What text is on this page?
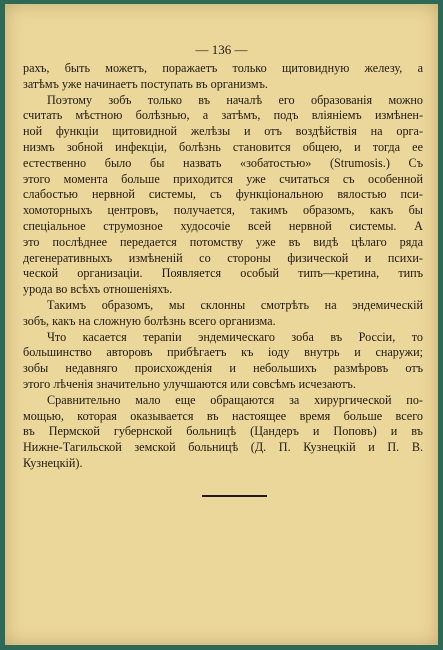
— 136 —
рахъ, быть можетъ, поражаетъ только щитовидную железу, а
затѣмъ уже начинаетъ поступать въ организмъ.
Поэтому зобъ только въ началѣ его образованія можно
считать мѣстною болѣзнью, а затѣмъ, подъ вліяніемъ измѣнен-
ной функціи щитовидной желѣзы и отъ воздѣйствія на орга-
низмъ зобной инфекціи, болѣзнь становится общею, и тогда ее
естественно было бы назвать «зобатостью» (Strumosis.) Съ
этого момента больше приходится уже считаться съ особенной
слабостью нервной системы, съ функціональною вялостью пси-
хомоторныхъ центровъ, получается, такимъ образомъ, какъ бы
спеціальное струмозное худосочіе всей нервной системы. А
это послѣднее передается потомству уже въ видѣ цѣлаго ряда
дегенеративныхъ измѣненій со стороны физической и психи-
ческой организаціи. Появляется особый типъ—кретина, типъ
урода во всѣхъ отношеніяхъ.
Такимъ образомъ, мы склонны смотрѣть на эндемическій
зобъ, какъ на сложную болѣзнь всего организма.
Что касается терапіи эндемическаго зоба въ Россіи, то
большинство авторовъ прибѣгаетъ къ іоду внутрь и снаружи;
зобы недавняго происхожденія и небольшихъ размѣровъ отъ
этого лѣченія значительно улучшаются или совсѣмъ исчезаютъ.
Сравнительно мало еще обращаются за хирургической по-
мощью, которая оказывается въ настоящее время больше всего
въ Пермской губернской больницѣ (Цандеръ и Поповъ) и въ
Нижне-Тагильской земской больницѣ (Д. П. Кузнецкій и П. В.
Кузнецкій).
